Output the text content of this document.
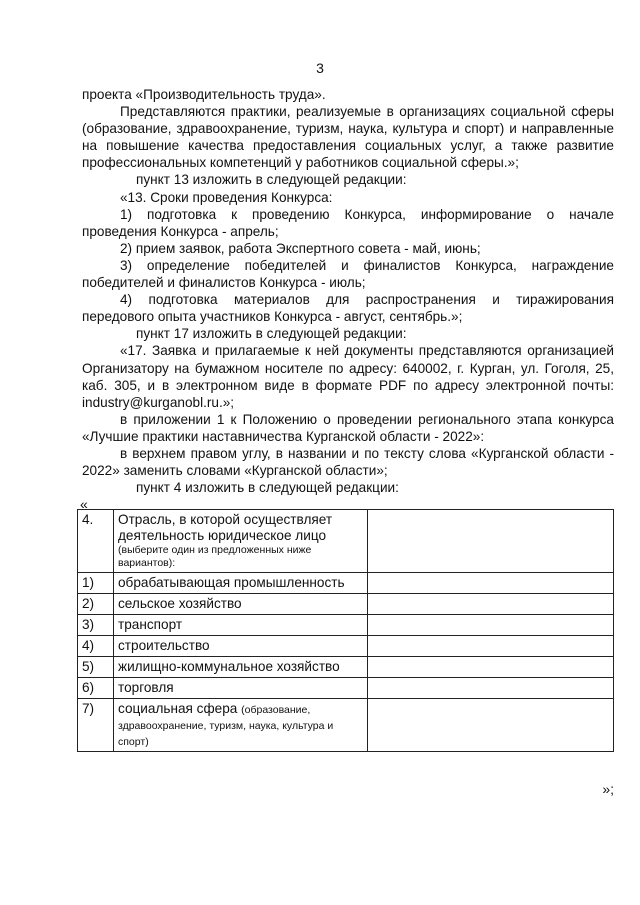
3

проекта «Производительность труда».

Представляются практики, реализуемые в организациях социальной сферы (образование, здравоохранение, туризм, наука, культура и спорт) и направленные на повышение качества предоставления социальных услуг, а также развитие профессиональных компетенций у работников социальной сферы.»;

пункт 13 изложить в следующей редакции:

«13. Сроки проведения Конкурса:

1) подготовка к проведению Конкурса, информирование о начале проведения Конкурса - апрель;

2) прием заявок, работа Экспертного совета - май, июнь;

3) определение победителей и финалистов Конкурса, награждение победителей и финалистов Конкурса - июль;

4) подготовка материалов для распространения и тиражирования передового опыта участников Конкурса - август, сентябрь.»;

пункт 17 изложить в следующей редакции:

«17. Заявка и прилагаемые к ней документы представляются организацией Организатору на бумажном носителе по адресу: 640002, г. Курган, ул. Гоголя, 25, каб. 305, и в электронном виде в формате PDF по адресу электронной почты: industry@kurganobl.ru.»;

в приложении 1 к Положению о проведении регионального этапа конкурса «Лучшие практики наставничества Курганской области - 2022»:

в верхнем правом углу, в названии и по тексту слова «Курганской области - 2022» заменить словами «Курганской области»;

пункт 4 изложить в следующей редакции:

«
4.	Отрасль, в которой осуществляет деятельность юридическое лицо
(выберите один из предложенных ниже вариантов):	

1)	обрабатывающая промышленность	
2)	сельское хозяйство	
3)	транспорт	
4)	строительство	
5)	жилищно-коммунальное хозяйство	
6)	торговля	
7)	социальная сфера (образование, здравоохранение, туризм, наука, культура и спорт)	
»;
